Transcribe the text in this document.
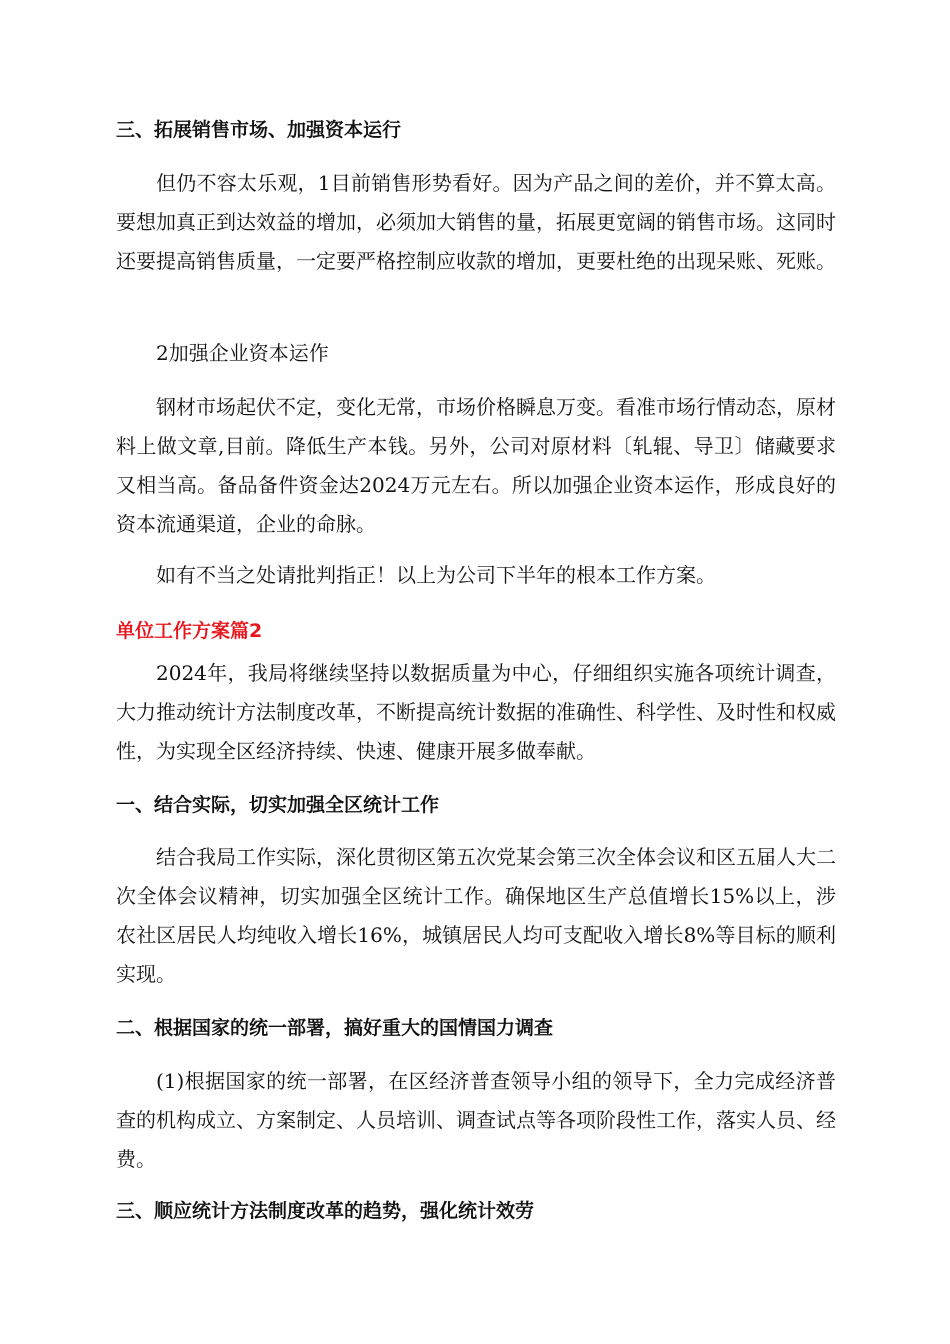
三、拓展销售市场、加强资本运行

但仍不容太乐观，1目前销售形势看好。因为产品之间的差价，并不算太高。要想加真正到达效益的增加，必须加大销售的量，拓展更宽阔的销售市场。这同时还要提高销售质量，一定要严格控制应收款的增加，更要杜绝的出现呆账、死账。

2加强企业资本运作

钢材市场起伏不定，变化无常，市场价格瞬息万变。看准市场行情动态，原材料上做文章,目前。降低生产本钱。另外，公司对原材料〔轧辊、导卫〕储藏要求又相当高。备品备件资金达2024万元左右。所以加强企业资本运作，形成良好的资本流通渠道，企业的命脉。

如有不当之处请批判指正！以上为公司下半年的根本工作方案。

单位工作方案篇2

2024年，我局将继续坚持以数据质量为中心，仔细组织实施各项统计调查，大力推动统计方法制度改革，不断提高统计数据的准确性、科学性、及时性和权威性，为实现全区经济持续、快速、健康开展多做奉献。

一、结合实际，切实加强全区统计工作

结合我局工作实际，深化贯彻区第五次党某会第三次全体会议和区五届人大二次全体会议精神，切实加强全区统计工作。确保地区生产总值增长15%以上，涉农社区居民人均纯收入增长16%，城镇居民人均可支配收入增长8%等目标的顺利实现。

二、根据国家的统一部署，搞好重大的国情国力调查

(1)根据国家的统一部署，在区经济普查领导小组的领导下，全力完成经济普查的机构成立、方案制定、人员培训、调查试点等各项阶段性工作，落实人员、经费。

三、顺应统计方法制度改革的趋势，强化统计效劳
